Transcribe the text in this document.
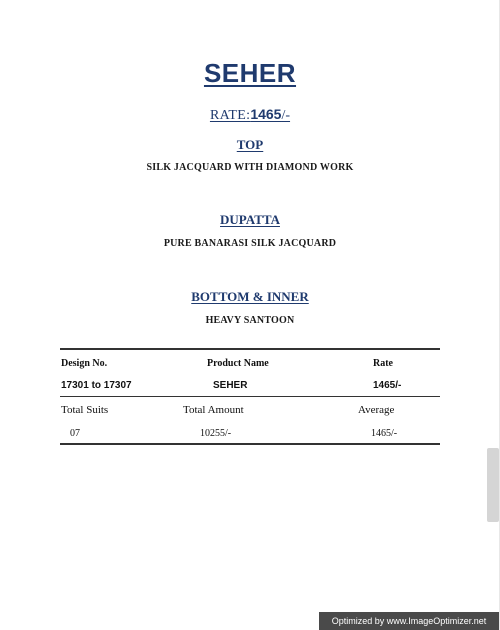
SEHER
RATE:1465/-
TOP
SILK JACQUARD WITH DIAMOND WORK
DUPATTA
PURE BANARASI SILK JACQUARD
BOTTOM & INNER
HEAVY SANTOON
Design No.	Product Name	Rate
17301 to 17307	SEHER	1465/-
Total Suits	Total Amount	Average
07	10255/-	1465/-
Optimized by www.ImageOptimizer.net
